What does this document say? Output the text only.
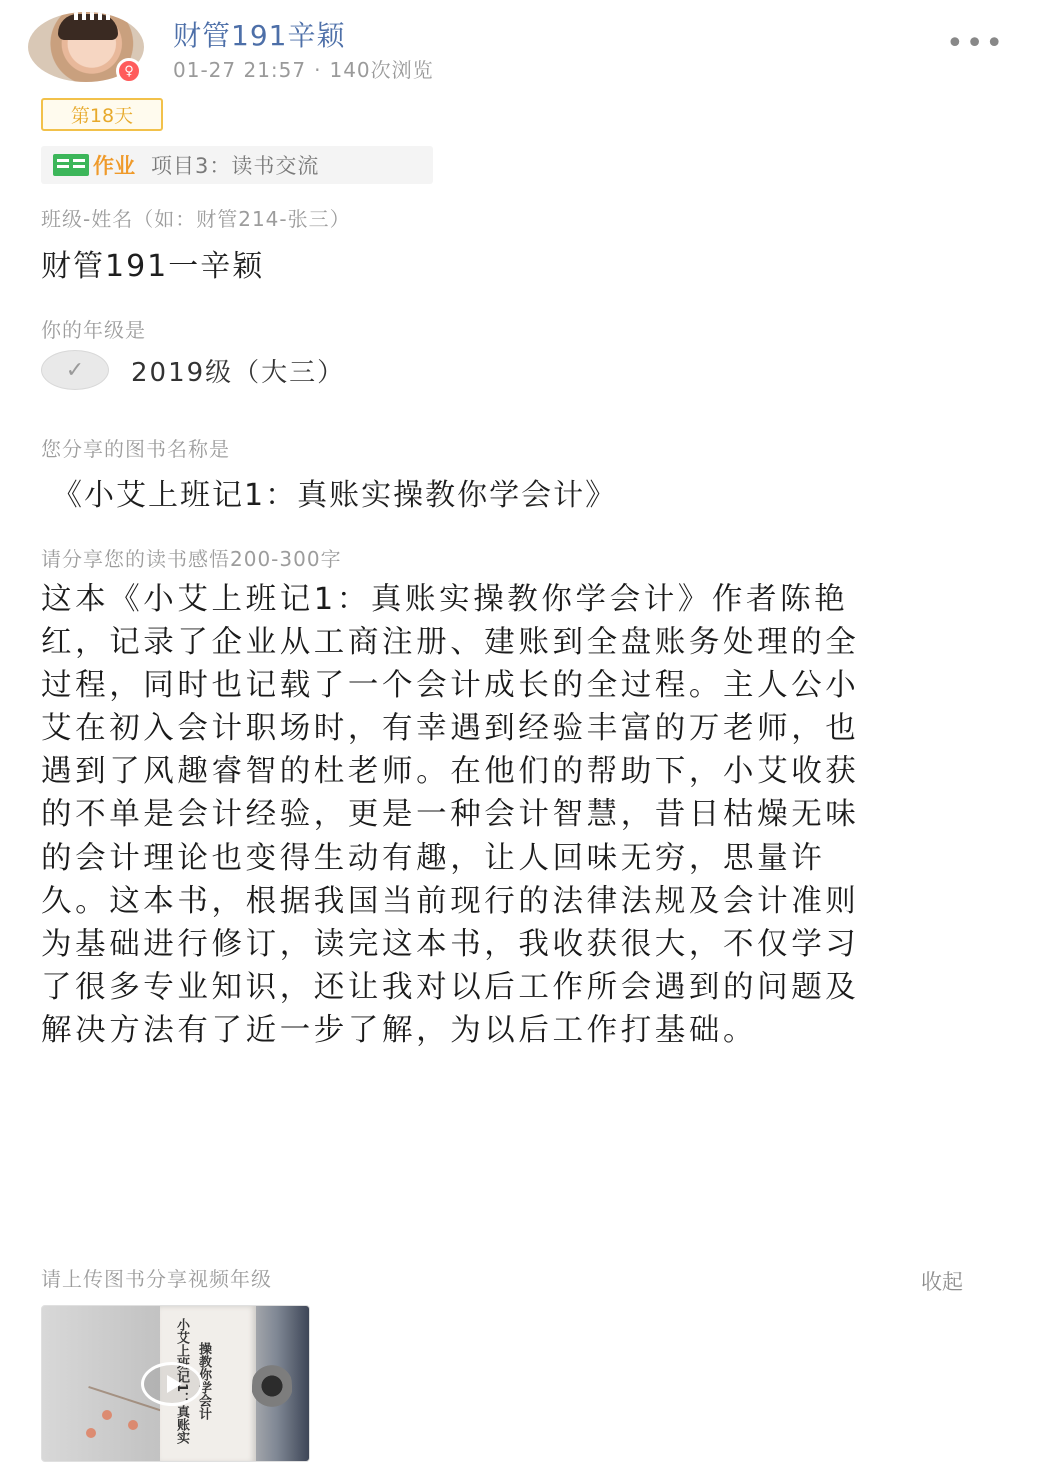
♀
财管191辛颖
01-27 21:57 · 140次浏览
•••
第18天
作业 项目3：读书交流
班级-姓名（如：财管214-张三）
财管191一辛颖
你的年级是
✓	2019级（大三）
您分享的图书名称是
《小艾上班记1：真账实操教你学会计》
请分享您的读书感悟200-300字
这本《小艾上班记1：真账实操教你学会计》作者陈艳红，记录了企业从工商注册、建账到全盘账务处理的全过程，同时也记载了一个会计成长的全过程。主人公小艾在初入会计职场时，有幸遇到经验丰富的万老师，也遇到了风趣睿智的杜老师。在他们的帮助下，小艾收获的不单是会计经验，更是一种会计智慧，昔日枯燥无味的会计理论也变得生动有趣，让人回味无穷，思量许久。这本书，根据我国当前现行的法律法规及会计准则为基础进行修订，读完这本书，我收获很大，不仅学习了很多专业知识，还让我对以后工作所会遇到的问题及解决方法有了近一步了解，为以后工作打基础。
请上传图书分享视频年级	收起
小艾上班记1：真账实 操教你学会计
